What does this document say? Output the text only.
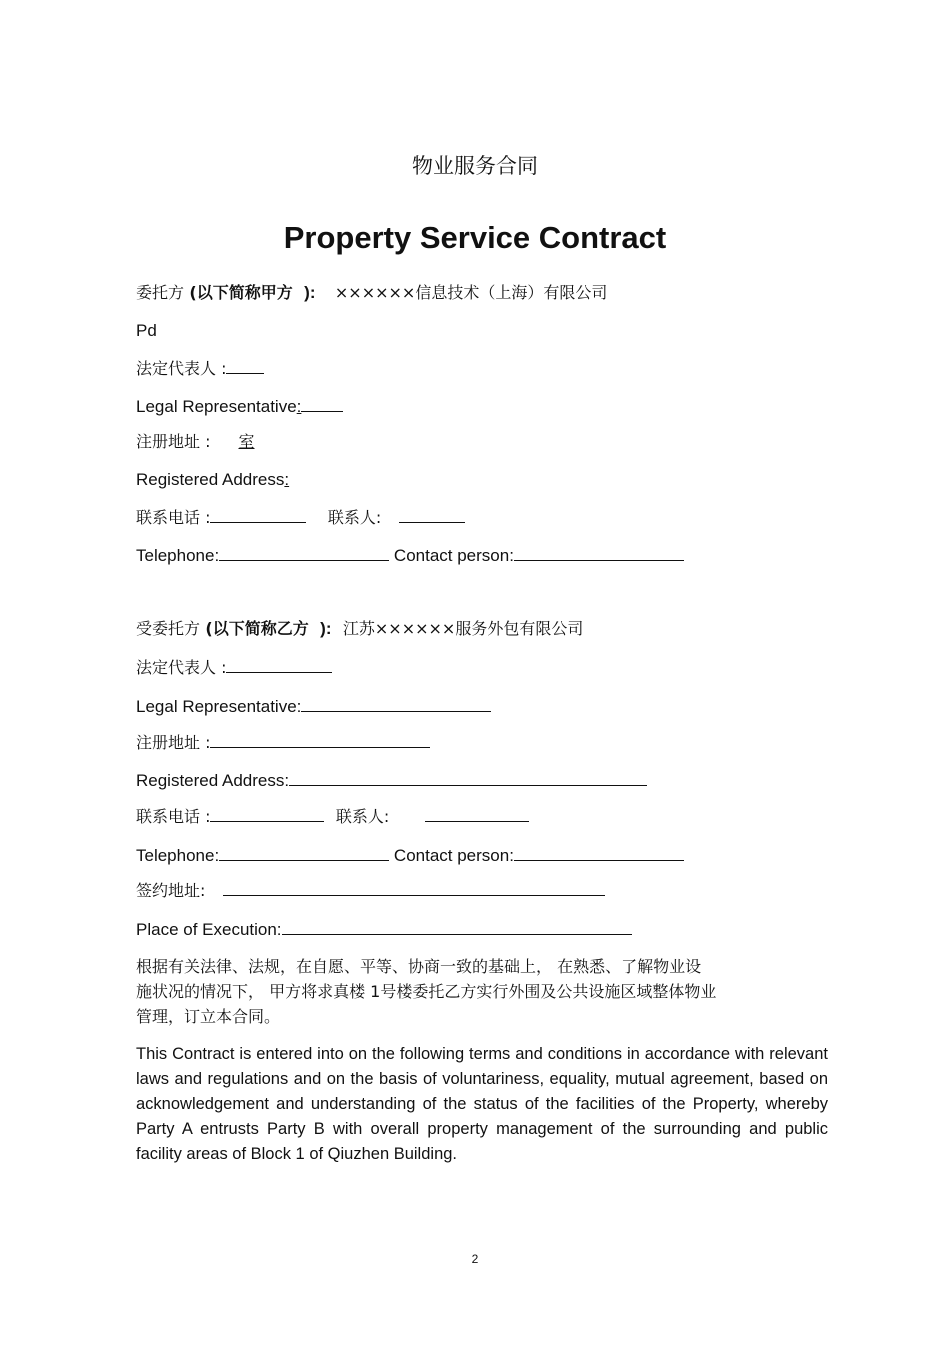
物业服务合同
Property Service Contract
委托方 (以下简称甲方 ): ××××××信息技术（上海）有限公司
Pd
法定代表人 :
Legal Representative:
注册地址 : 室
Registered Address:
联系电话 :	联系人:
Telephone:	Contact person:
受委托方 (以下简称乙方 ): 江苏××××××服务外包有限公司
法定代表人 :
Legal Representative:
注册地址 :
Registered Address:
联系电话 :	联系人:
Telephone:	Contact person:
签约地址:
Place of Execution:
根据有关法律、法规，在自愿、平等、协商一致的基础上， 在熟悉、了解物业设
施状况的情况下， 甲方将求真楼 1号楼委托乙方实行外围及公共设施区域整体物业
管理，订立本合同。
This Contract is entered into on the following terms and conditions in accordance with relevant laws and regulations and on the basis of voluntariness, equality, mutual agreement, based on acknowledgement and understanding of the status of the facilities of the Property, whereby Party A entrusts Party B with overall property management of the surrounding and public facility areas of Block 1 of Qiuzhen Building.
2
